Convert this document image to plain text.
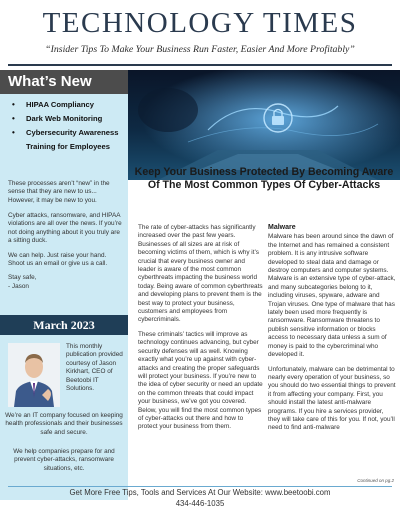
TECHNOLOGY TIMES
“Insider Tips To Make Your Business Run Faster, Easier And More Profitably”
What’s New
• HIPAA Compliancy
• Dark Web Monitoring
• Cybersecurity Awareness Training for Employees

These processes aren’t “new” in the sense that they are new to us... However, it may be new to you.

Cyber attacks, ransomware, and HIPAA violations are all over the news. If you’re not doing anything about it you truly are a sitting duck.

We can help. Just raise your hand. Shoot us an email or give us a call.

Stay safe,

- Jason

March 2023

This monthly publication provided courtesy of Jason Kirkhart, CEO of Beetoobi IT Solutions.

We’re an IT company focused on keeping health professionals and their businesses safe and secure.

We help companies prepare for and prevent cyber-attacks, ransomware situations, etc.

Keep Your Business Protected By Becoming Aware Of The Most Common Types Of Cyber-Attacks

The rate of cyber-attacks has significantly increased over the past few years. Businesses of all sizes are at risk of becoming victims of them, which is why it’s crucial that every business owner and leader is aware of the most common cyberthreats impacting the business world today. Being aware of common cyberthreats and developing plans to prevent them is the best way to protect your business, customers and employees from cybercriminals.

These criminals’ tactics will improve as technology continues advancing, but cyber security defenses will as well. Knowing exactly what you’re up against with cyber-attacks and creating the proper safeguards will protect your business. If you’re new to the idea of cyber security or need an update on the common threats that could impact your business, we’ve got you covered. Below, you will find the most common types of cyber-attacks out there and how to protect your business from them.

Malware

Malware has been around since the dawn of the Internet and has remained a consistent problem. It is any intrusive software developed to steal data and damage or destroy computers and computer systems. Malware is an extensive type of cyber-attack, and many subcategories belong to it, including viruses, spyware, adware and Trojan viruses. One type of malware that has lately been used more frequently is ransomware. Ransomware threatens to publish sensitive information or blocks access to necessary data unless a sum of money is paid to the cybercriminal who developed it.

Unfortunately, malware can be detrimental to nearly every operation of your business, so you should do two essential things to prevent it from affecting your company. First, you should install the latest anti-malware programs. If you hire a services provider, they will take care of this for you. If not, you’ll need to find anti-malware

Continued on pg.2
Get More Free Tips, Tools and Services At Our Website: www.beetoobi.com
434-446-1035
